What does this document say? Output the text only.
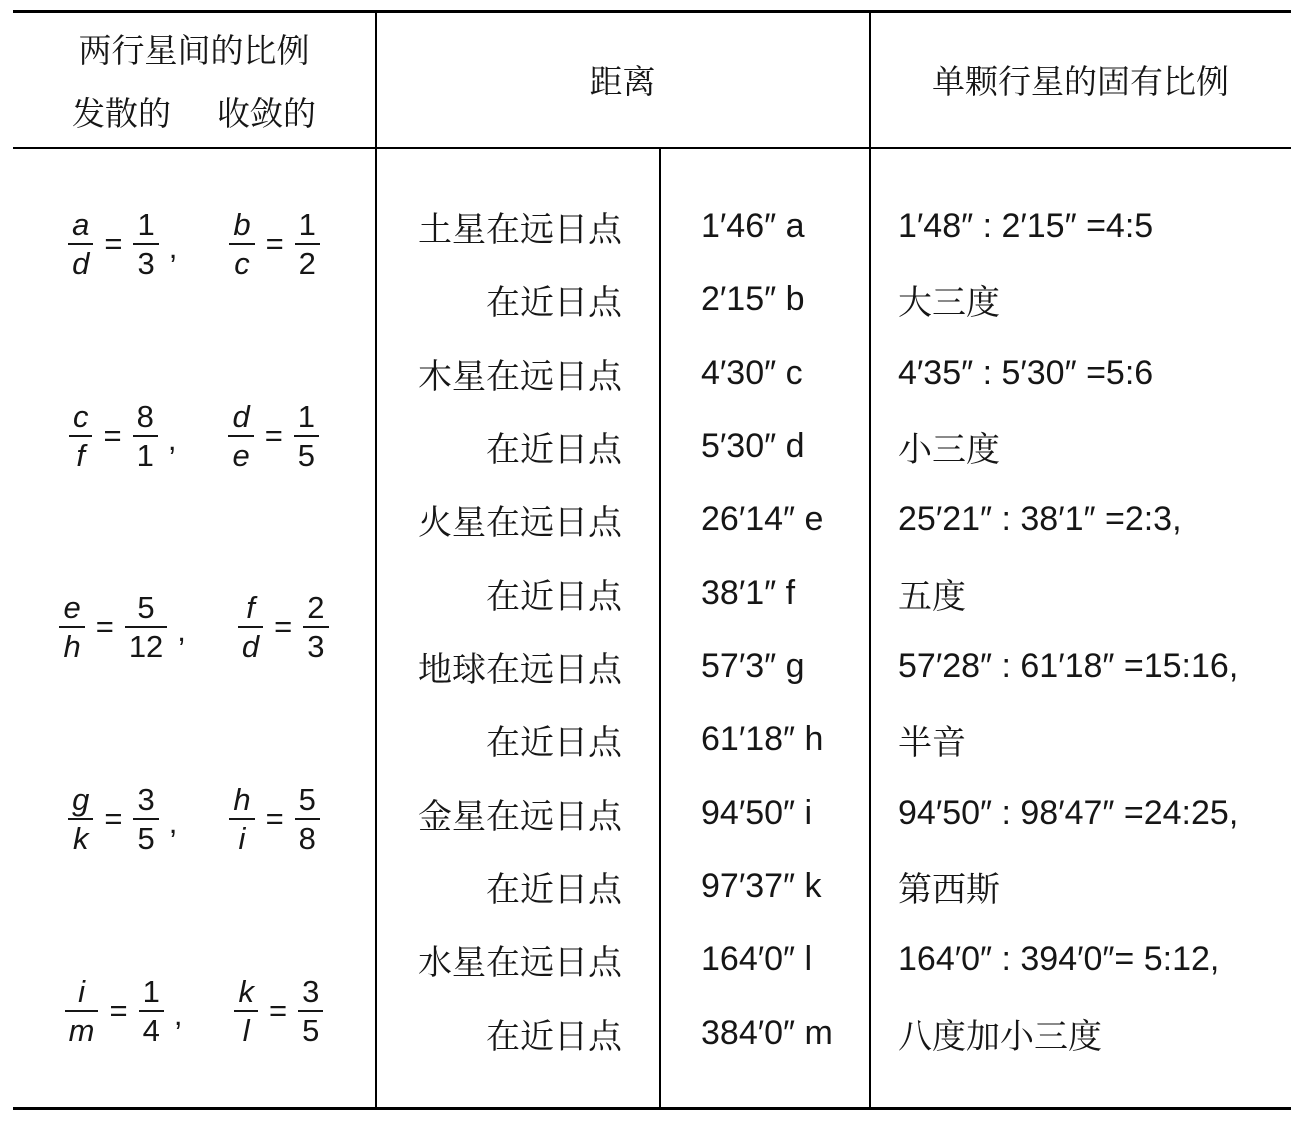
两行星间的比例
发散的 收敛的
距离	单颗行星的固有比例
$\frac{a}{d} = \frac{1}{3}$ , $\frac{b}{c} = \frac{1}{2}$
$\frac{c}{f} = \frac{8}{1}$ , $\frac{d}{e} = \frac{1}{5}$
$\frac{e}{h} = \frac{5}{12}$ , $\frac{f}{d} = \frac{2}{3}$
$\frac{g}{k} = \frac{3}{5}$ , $\frac{h}{i} = \frac{5}{8}$
$\frac{i}{m} = \frac{1}{4}$ , $\frac{k}{l} = \frac{3}{5}$
土星在远日点
在近日点
木星在远日点
在近日点
火星在远日点
在近日点
地球在远日点
在近日点
金星在远日点
在近日点
水星在远日点
在近日点
1′46″ a
2′15″ b
4′30″ c
5′30″ d
26′14″ e
38′1″ f
57′3″ g
61′18″ h
94′50″ i
97′37″ k
164′0″ l
384′0″ m
1′48″ : 2′15″ =4:5
大三度
4′35″ : 5′30″ =5:6
小三度
25′21″ : 38′1″ =2:3,
五度
57′28″ : 61′18″ =15:16,
半音
94′50″ : 98′47″ =24:25,
第西斯
164′0″ : 394′0″= 5:12,
八度加小三度
